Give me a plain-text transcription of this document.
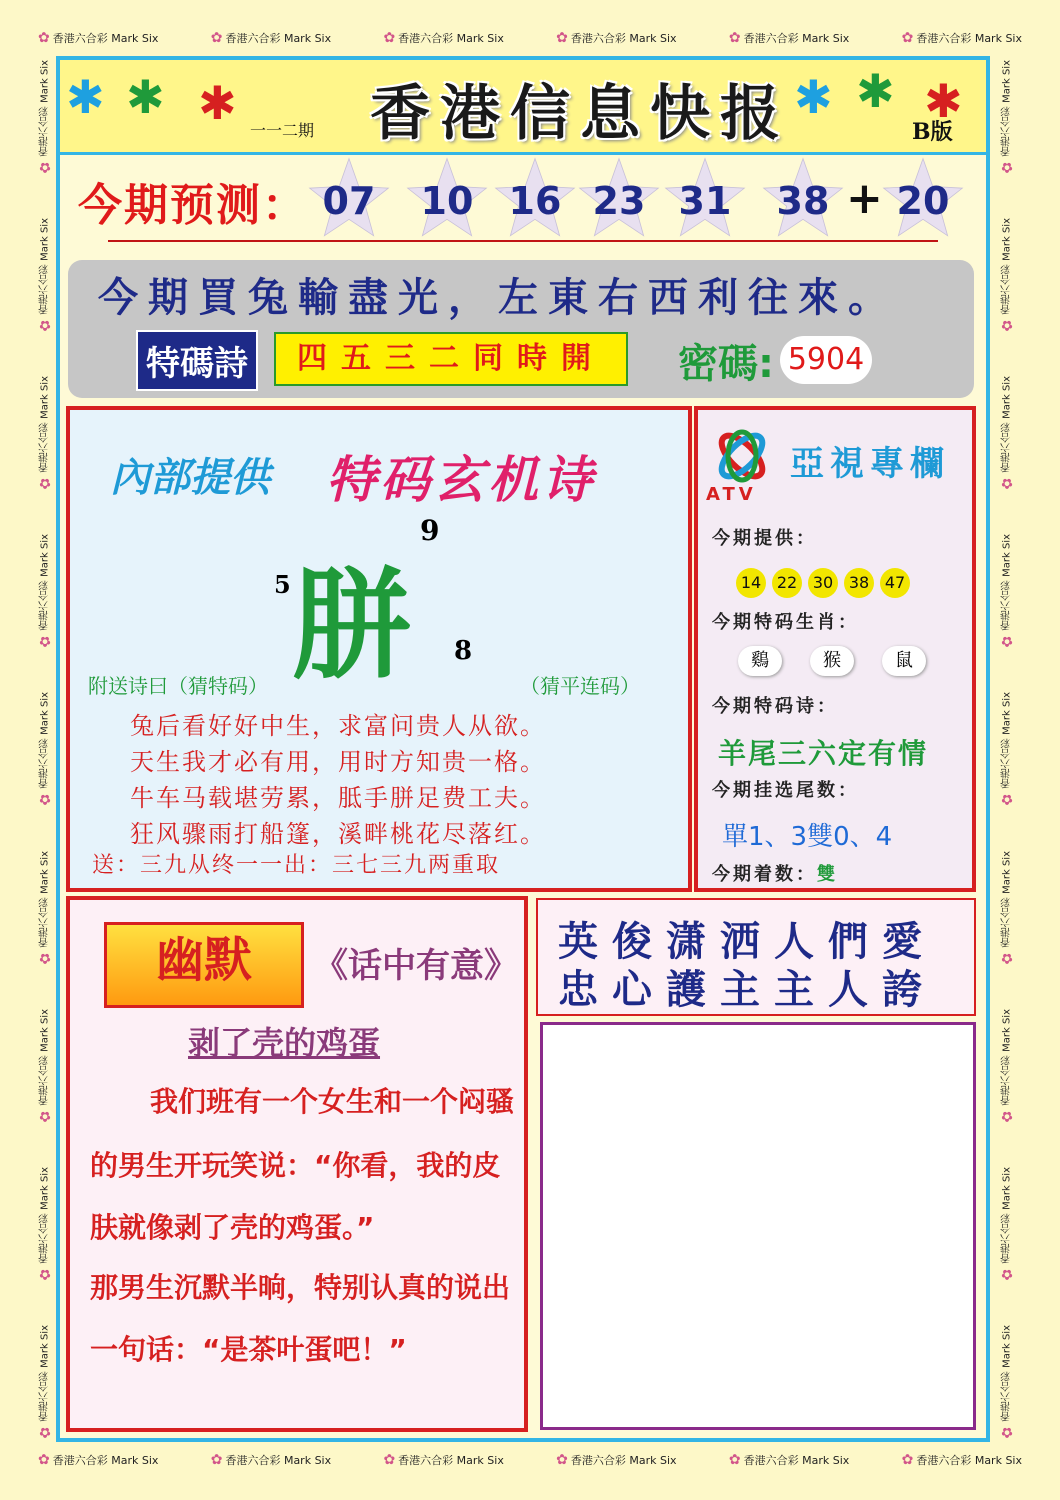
✿ 香港六合彩 Mark Six	✿ 香港六合彩 Mark Six	✿ 香港六合彩 Mark Six	✿ 香港六合彩 Mark Six	✿ 香港六合彩 Mark Six	✿ 香港六合彩 Mark Six
✿ 香港六合彩 Mark Six	✿ 香港六合彩 Mark Six	✿ 香港六合彩 Mark Six	✿ 香港六合彩 Mark Six	✿ 香港六合彩 Mark Six	✿ 香港六合彩 Mark Six
✿
香港六合彩 Mark Six
✿
香港六合彩 Mark Six
✿
香港六合彩 Mark Six
✿
香港六合彩 Mark Six
✿
香港六合彩 Mark Six
✿
香港六合彩 Mark Six
✿
香港六合彩 Mark Six
✿
香港六合彩 Mark Six
✿
香港六合彩 Mark Six
✿
香港六合彩 Mark Six
✿
香港六合彩 Mark Six
✿
香港六合彩 Mark Six
✿
香港六合彩 Mark Six
✿
香港六合彩 Mark Six
✿
香港六合彩 Mark Six
✿
香港六合彩 Mark Six
✿
香港六合彩 Mark Six
✿
香港六合彩 Mark Six
✱ ✱ ✱	✱ ✱ ✱
香港信息快报
一一二期	B版
今期预测： 07	10 16 23 31	38 + 20
今期買兔輸盡光，左東右西利往來。
特碼詩	四五三二同時開	密碼: 5904
內部提供 特码玄机诗
胼
9
5
8
附送诗曰（猜特码）	（猜平连码）
兔后看好好中生，求富问贵人从欲。
天生我才必有用，用时方知贵一格。
牛车马载堪劳累，胝手胼足费工夫。
狂风骤雨打船篷，溪畔桃花尽落红。
送：三九从终一一出：三七三九两重取
ATV
亞視專欄
今期提供：
14 22 30 38 47
今期特码生肖：
鷄	猴	鼠
今期特码诗：
羊尾三六定有情
今期挂选尾数：
單1、3雙0、4
今期着数：雙
幽默	《话中有意》
剥了壳的鸡蛋
我们班有一个女生和一个闷骚
的男生开玩笑说：“你看，我的皮
肤就像剥了壳的鸡蛋。”
那男生沉默半晌，特别认真的说出
一句话：“是茶叶蛋吧！”
英俊潇洒人們愛
忠心護主主人誇
